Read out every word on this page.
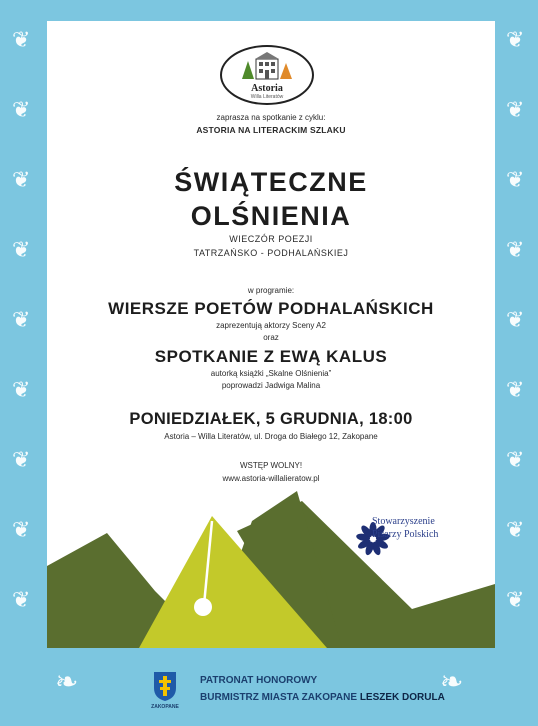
❦
❦
❦
❦
❦
❦
❦
❦
❦
❦
❦
❦
❦
❦
❦
❦
❦
❦
Astoria
Willa Literatów
zaprasza na spotkanie z cyklu:
ASTORIA NA LITERACKIM SZLAKU
ŚWIĄTECZNE
OLŚNIENIA
WIECZÓR POEZJI
TATRZAŃSKO - PODHALAŃSKIEJ
w programie:
WIERSZE POETÓW PODHALAŃSKICH
zaprezentują aktorzy Sceny A2
oraz
SPOTKANIE Z EWĄ KALUS
autorką książki „Skalne Olśnienia”
poprowadzi Jadwiga Malina
PONIEDZIAŁEK, 5 GRUDNIA, 18:00
Astoria – Willa Literatów, ul. Droga do Białego 12, Zakopane
WSTĘP WOLNY!
www.astoria-willalieratow.pl
Stowarzyszenie
Pisarzy Polskich
❧	❧
ZAKOPANE
PATRONAT HONOROWY
BURMISTRZ MIASTA ZAKOPANE LESZEK DORULA
